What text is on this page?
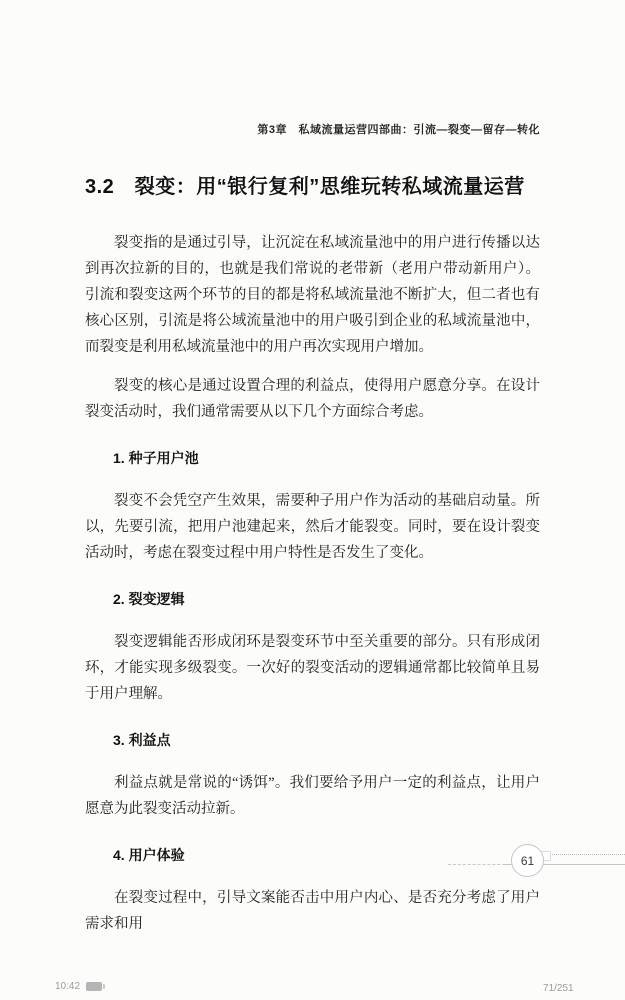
第3章　私域流量运营四部曲：引流—裂变—留存—转化
3.2　裂变：用“银行复利”思维玩转私域流量运营

裂变指的是通过引导，让沉淀在私域流量池中的用户进行传播以达到再次拉新的目的，也就是我们常说的老带新（老用户带动新用户）。引流和裂变这两个环节的目的都是将私域流量池不断扩大，但二者也有核心区别，引流是将公域流量池中的用户吸引到企业的私域流量池中，而裂变是利用私域流量池中的用户再次实现用户增加。

裂变的核心是通过设置合理的利益点，使得用户愿意分享。在设计裂变活动时，我们通常需要从以下几个方面综合考虑。

1. 种子用户池

裂变不会凭空产生效果，需要种子用户作为活动的基础启动量。所以，先要引流，把用户池建起来，然后才能裂变。同时，要在设计裂变活动时，考虑在裂变过程中用户特性是否发生了变化。

2. 裂变逻辑

裂变逻辑能否形成闭环是裂变环节中至关重要的部分。只有形成闭环，才能实现多级裂变。一次好的裂变活动的逻辑通常都比较简单且易于用户理解。

3. 利益点

利益点就是常说的“诱饵”。我们要给予用户一定的利益点，让用户愿意为此裂变活动拉新。

4. 用户体验

在裂变过程中，引导文案能否击中用户内心、是否充分考虑了用户需求和用

61
10:42	71/251
